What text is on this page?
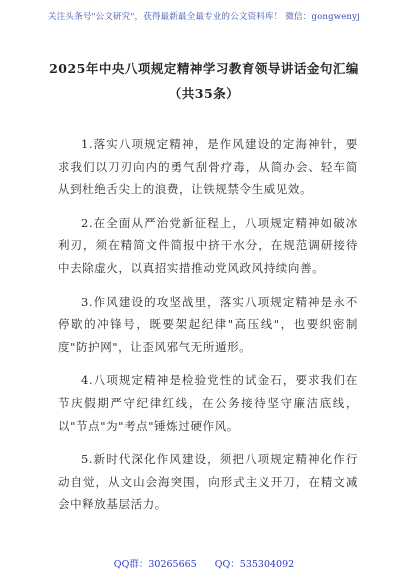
关注头条号"公文研究"，获得最新最全最专业的公文资料库！ 微信：gongwenyj
2025年中央八项规定精神学习教育领导讲话金句汇编（共35条）

1.落实八项规定精神，是作风建设的定海神针，要求我们以刀刃向内的勇气刮骨疗毒，从简办会、轻车简从到杜绝舌尖上的浪费，让铁规禁令生威见效。

2.在全面从严治党新征程上，八项规定精神如破冰利刃，须在精简文件简报中挤干水分，在规范调研接待中去除虚火，以真招实措推动党风政风持续向善。

3.作风建设的攻坚战里，落实八项规定精神是永不停歇的冲锋号，既要架起纪律"高压线"，也要织密制度"防护网"，让歪风邪气无所遁形。

4.八项规定精神是检验党性的试金石，要求我们在节庆假期严守纪律红线，在公务接待坚守廉洁底线，以"节点"为"考点"锤炼过硬作风。

5.新时代深化作风建设，须把八项规定精神化作行动自觉，从文山会海突围，向形式主义开刀，在精文减会中释放基层活力。

QQ群：30265665 QQ：535304092
